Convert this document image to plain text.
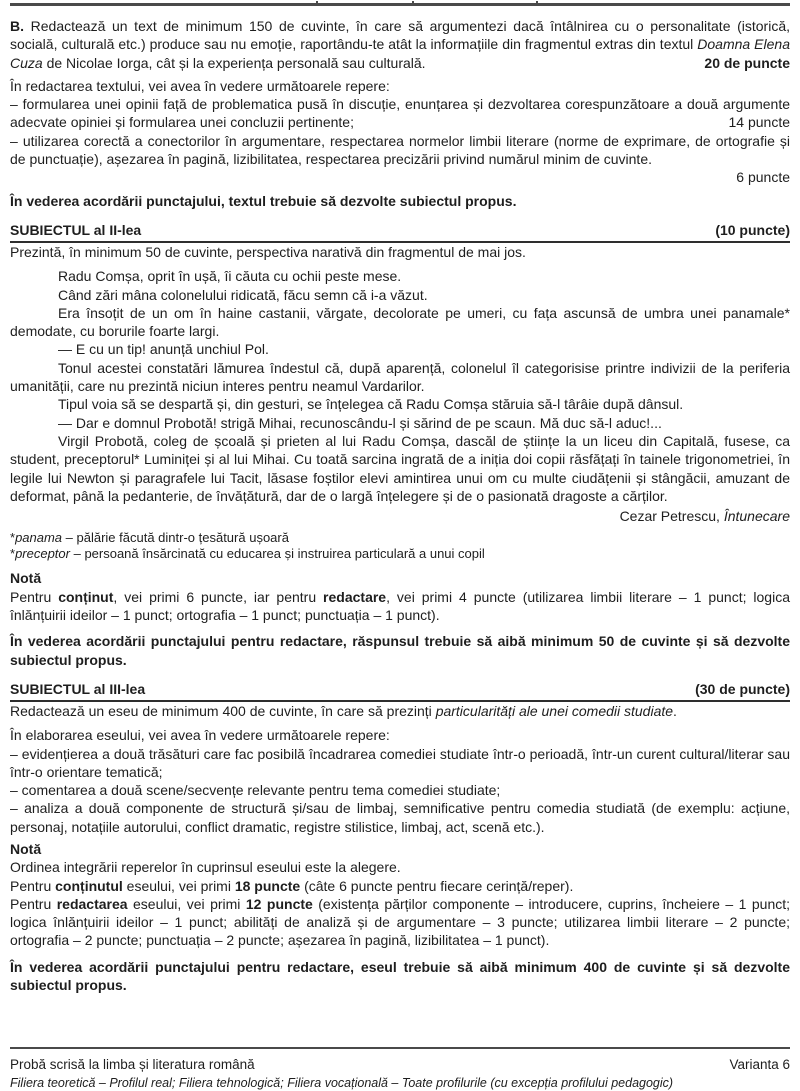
B. Redactează un text de minimum 150 de cuvinte, în care să argumentezi dacă întâlnirea cu o personalitate (istorică, socială, culturală etc.) produce sau nu emoție, raportându-te atât la informațiile din fragmentul extras din textul Doamna Elena Cuza de Nicolae Iorga, cât și la experiența personală sau culturală.	20 de puncte

În redactarea textului, vei avea în vedere următoarele repere:

– formularea unei opinii față de problematica pusă în discuție, enunțarea și dezvoltarea corespunzătoare a două argumente adecvate opiniei și formularea unei concluzii pertinente;	14 puncte

– utilizarea corectă a conectorilor în argumentare, respectarea normelor limbii literare (norme de exprimare, de ortografie și de punctuație), așezarea în pagină, lizibilitatea, respectarea precizării privind numărul minim de cuvinte.

6 puncte

În vederea acordării punctajului, textul trebuie să dezvolte subiectul propus.

SUBIECTUL al II-lea	(10 puncte)

Prezintă, în minimum 50 de cuvinte, perspectiva narativă din fragmentul de mai jos.

Radu Comșa, oprit în ușă, îi căuta cu ochii peste mese.

Când zări mâna colonelului ridicată, făcu semn că i-a văzut.

Era însoțit de un om în haine castanii, vărgate, decolorate pe umeri, cu fața ascunsă de umbra unei panamale* demodate, cu borurile foarte largi.

— E cu un tip! anunță unchiul Pol.

Tonul acestei constatări lămurea îndestul că, după aparență, colonelul îl categorisise printre indivizii de la periferia umanității, care nu prezintă niciun interes pentru neamul Vardarilor.

Tipul voia să se despartă și, din gesturi, se înțelegea că Radu Comșa stăruia să-l târâie după dânsul.

— Dar e domnul Probotă! strigă Mihai, recunoscându-l și sărind de pe scaun. Mă duc să-l aduc!...

Virgil Probotă, coleg de școală și prieten al lui Radu Comșa, dascăl de științe la un liceu din Capitală, fusese, ca student, preceptorul* Luminiței și al lui Mihai. Cu toată sarcina ingrată de a iniția doi copii răsfățați în tainele trigonometriei, în legile lui Newton și paragrafele lui Tacit, lăsase foștilor elevi amintirea unui om cu multe ciudățenii și stângăcii, amuzant de deformat, până la pedanterie, de învățătură, dar de o largă înțelegere și de o pasionată dragoste a cărților.

Cezar Petrescu, Întunecare

*panama – pălărie făcută dintr-o țesătură ușoară

*preceptor – persoană însărcinată cu educarea și instruirea particulară a unui copil

Notă

Pentru conținut, vei primi 6 puncte, iar pentru redactare, vei primi 4 puncte (utilizarea limbii literare – 1 punct; logica înlănțuirii ideilor – 1 punct; ortografia – 1 punct; punctuația – 1 punct).

În vederea acordării punctajului pentru redactare, răspunsul trebuie să aibă minimum 50 de cuvinte și să dezvolte subiectul propus.

SUBIECTUL al III-lea	(30 de puncte)

Redactează un eseu de minimum 400 de cuvinte, în care să prezinți particularități ale unei comedii studiate.

În elaborarea eseului, vei avea în vedere următoarele repere:

– evidențierea a două trăsături care fac posibilă încadrarea comediei studiate într-o perioadă, într-un curent cultural/literar sau într-o orientare tematică;

– comentarea a două scene/secvențe relevante pentru tema comediei studiate;

– analiza a două componente de structură și/sau de limbaj, semnificative pentru comedia studiată (de exemplu: acțiune, personaj, notațiile autorului, conflict dramatic, registre stilistice, limbaj, act, scenă etc.).

Notă

Ordinea integrării reperelor în cuprinsul eseului este la alegere.

Pentru conținutul eseului, vei primi 18 puncte (câte 6 puncte pentru fiecare cerință/reper).

Pentru redactarea eseului, vei primi 12 puncte (existența părților componente – introducere, cuprins, încheiere – 1 punct; logica înlănțuirii ideilor – 1 punct; abilități de analiză și de argumentare – 3 puncte; utilizarea limbii literare – 2 puncte; ortografia – 2 puncte; punctuația – 2 puncte; așezarea în pagină, lizibilitatea – 1 punct).

În vederea acordării punctajului pentru redactare, eseul trebuie să aibă minimum 400 de cuvinte și să dezvolte subiectul propus.

Probă scrisă la limba și literatura română	Varianta 6

Filiera teoretică – Profilul real; Filiera tehnologică; Filiera vocațională – Toate profilurile (cu excepția profilului pedagogic)
